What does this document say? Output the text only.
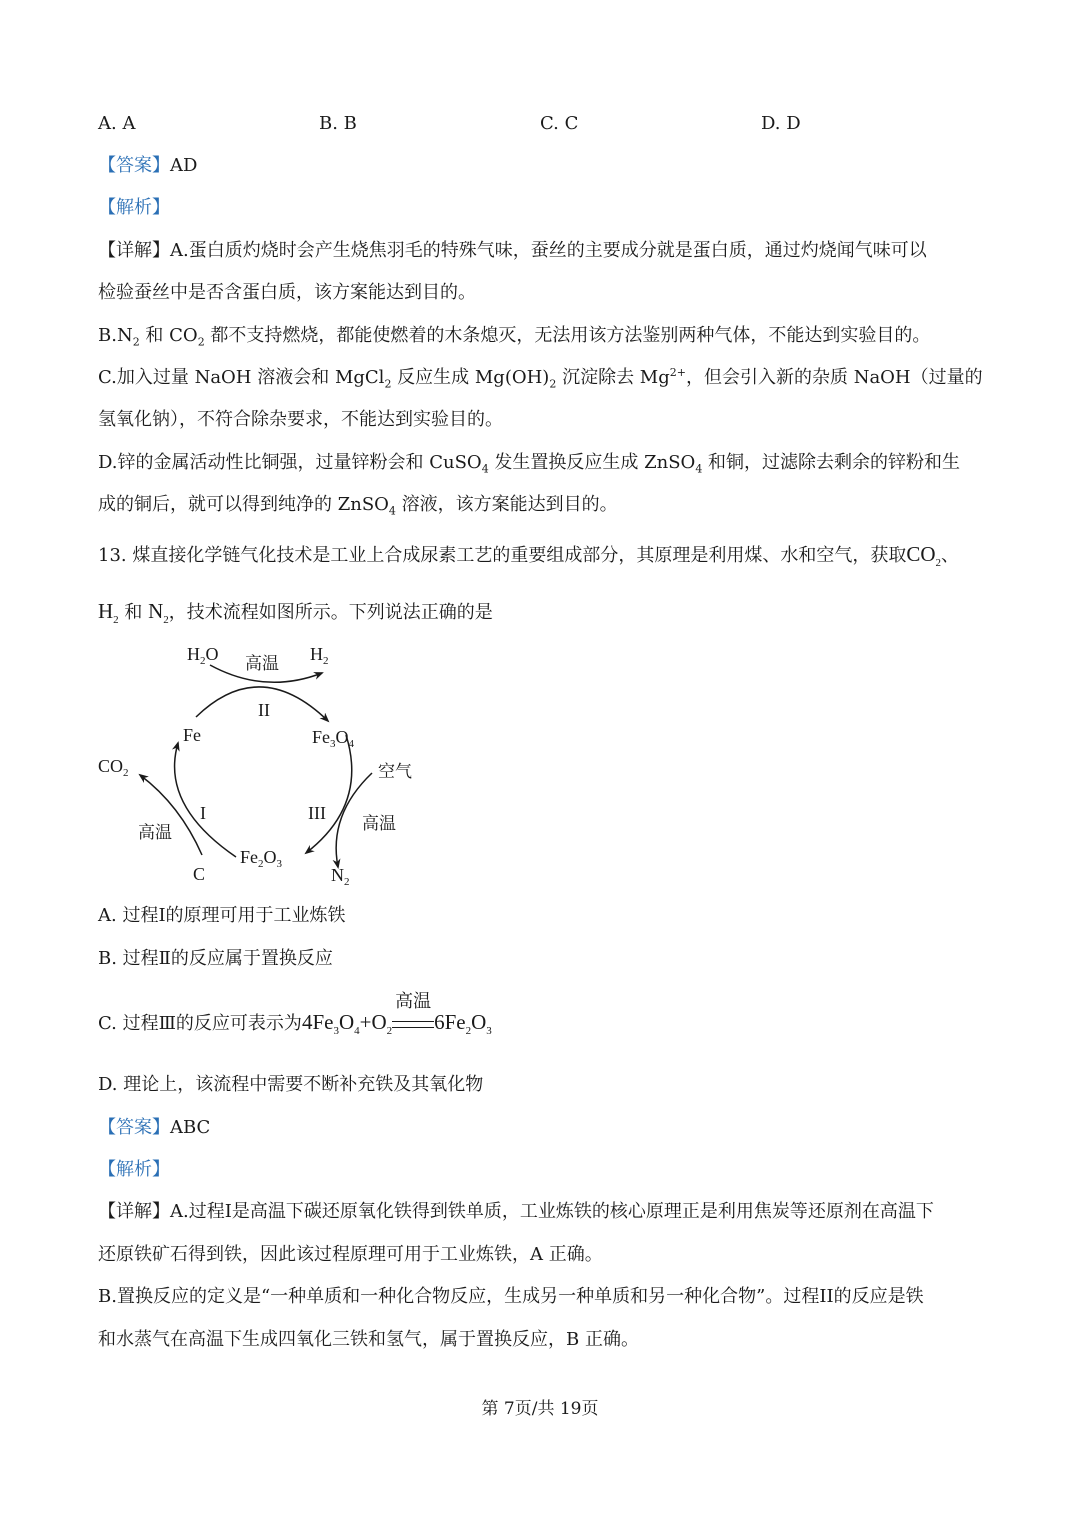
A. A	B. B	C. C	D. D
【答案】AD
【解析】
【详解】A.蛋白质灼烧时会产生烧焦羽毛的特殊气味，蚕丝的主要成分就是蛋白质，通过灼烧闻气味可以
检验蚕丝中是否含蛋白质，该方案能达到目的。
$B.N_2$ 和 $CO_2$ 都不支持燃烧，都能使燃着的木条熄灭，无法用该方法鉴别两种气体，不能达到实验目的。
C.加入过量 NaOH 溶液会和 MgCl$_2$ 反应生成 $Mg(OH)_2$ 沉淀除去 $Mg^{2+}$，但会引入新的杂质 NaOH（过量的
氢氧化钠），不符合除杂要求，不能达到实验目的。
D.锌的金属活动性比铜强，过量锌粉会和 CuSO$_4$ 发生置换反应生成 ZnSO$_4$ 和铜，过滤除去剩余的锌粉和生
成的铜后，就可以得到纯净的 ZnSO$_4$ 溶液，该方案能达到目的。
13. 煤直接化学链气化技术是工业上合成尿素工艺的重要组成部分，其原理是利用煤、水和空气，获取$CO_2$、
$H_2$ 和 $N_2$，技术流程如图所示。下列说法正确的是
$H_2O$ 高温 $H_2$
II
Fe	$Fe_3O_4$
空气
$CO_2$
I	III
高温
高温
$Fe_2O_3$
C	$N_2$
A. 过程Ⅰ的原理可用于工业炼铁
B. 过程Ⅱ的反应属于置换反应
C. 过程Ⅲ的反应可表示为$4Fe_3O_4+O_2$
高温
$6Fe_2O_3$
D. 理论上，该流程中需要不断补充铁及其氧化物
【答案】ABC
【解析】
【详解】A.过程I是高温下碳还原氧化铁得到铁单质，工业炼铁的核心原理正是利用焦炭等还原剂在高温下
还原铁矿石得到铁，因此该过程原理可用于工业炼铁，A 正确。
B.置换反应的定义是“一种单质和一种化合物反应，生成另一种单质和另一种化合物”。过程II的反应是铁
和水蒸气在高温下生成四氧化三铁和氢气，属于置换反应，B 正确。
第 7页/共 19页
